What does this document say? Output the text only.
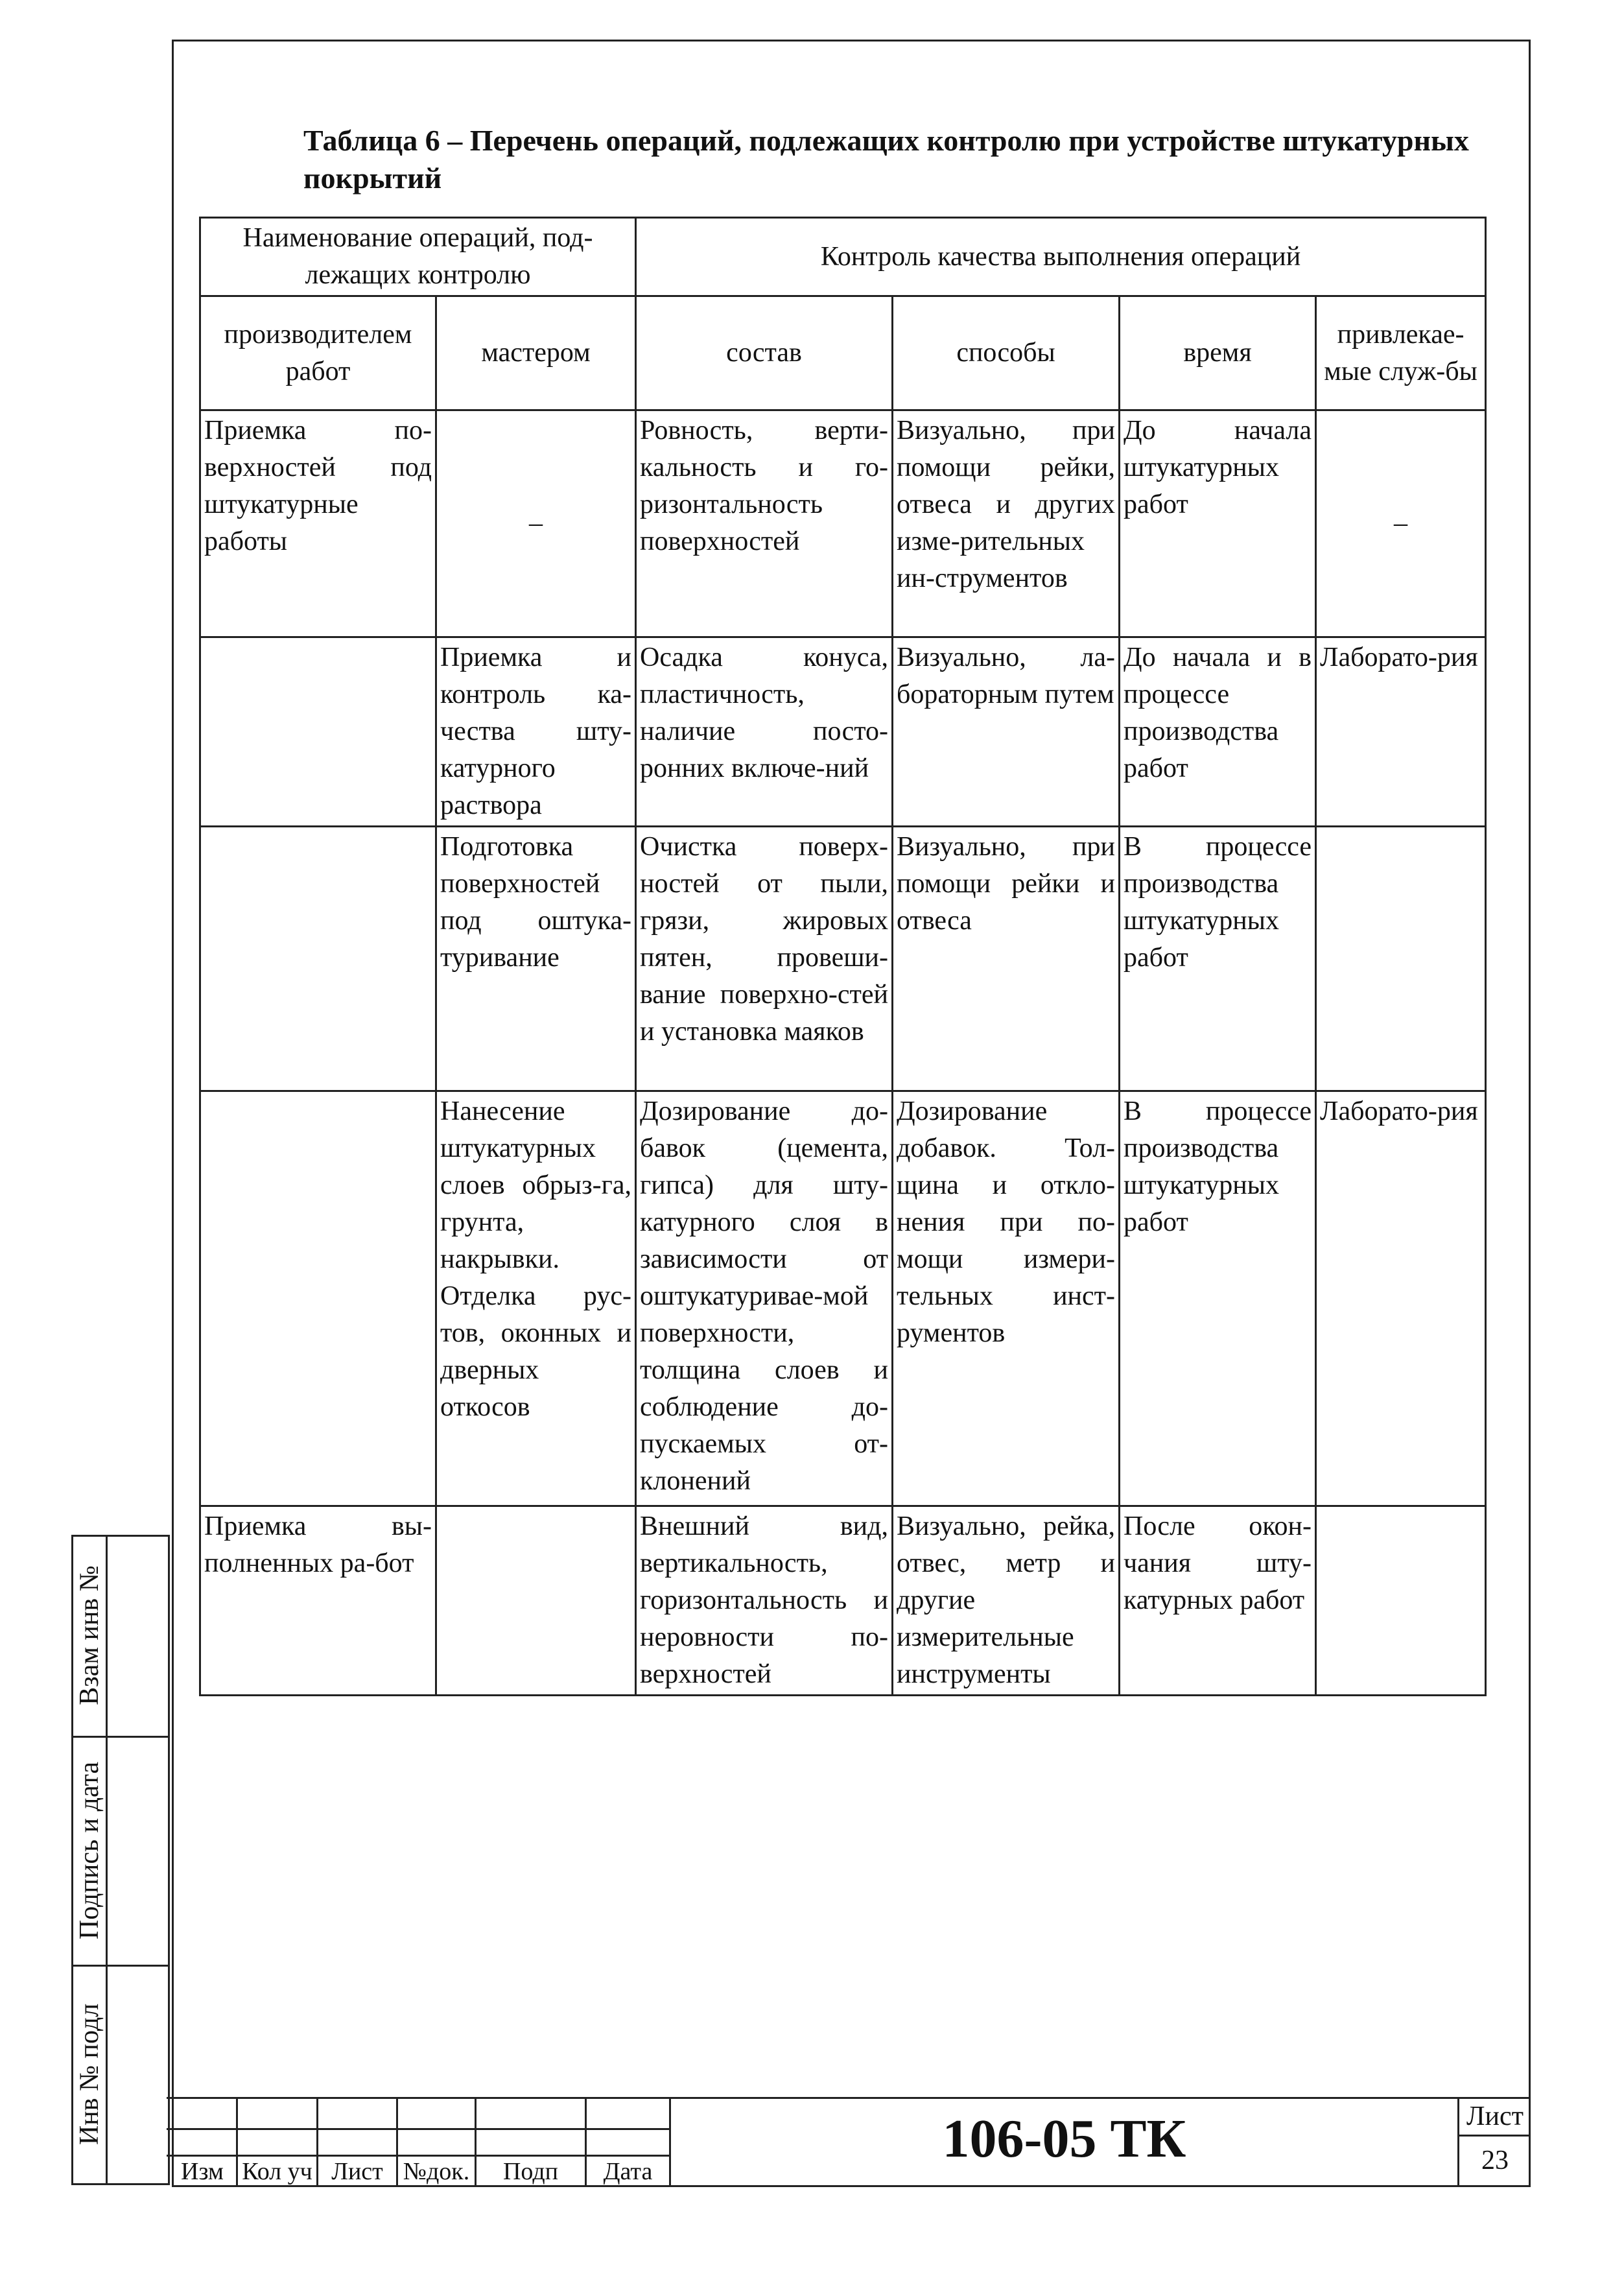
Таблица 6 – Перечень операций, подлежащих контролю при устройстве штукатурных покрытий
Наименование операций, под-лежащих контролю		Контроль качества выполнения операций			
производителем работ	мастером	состав	способы	время	привлекае-мые служ-бы
Приемка по-верхностей под штукатурные работы	–	Ровность, верти-кальность и го-ризонтальность поверхностей	Визуально, при помощи рейки, отвеса и других изме-рительных ин-струментов	До начала штукатурных работ	–
	Приемка и контроль ка-чества шту-катурного раствора	Осадка конуса, пластичность, наличие посто-ронних включе-ний	Визуально, ла-бораторным путем	До начала и в процессе производства работ	Лаборато-рия
	Подготовка поверхностей под оштука-туривание	Очистка поверх-ностей от пыли, грязи, жировых пятен, провеши-вание поверхно-стей и установка маяков	Визуально, при помощи рейки и отвеса	В процессе производства штукатурных работ	
	Нанесение штукатурных слоев обрыз-га, грунта, накрывки. Отделка рус-тов, оконных и дверных откосов	Дозирование до-бавок (цемента, гипса) для шту-катурного слоя в зависимости от оштукатуривае-мой поверхности, толщина слоев и соблюдение до-пускаемых от-клонений	Дозирование добавок. Тол-щина и откло-нения при по-мощи измери-тельных инст-рументов	В процессе производства штукатурных работ	Лаборато-рия
Приемка вы-полненных ра-бот		Внешний вид, вертикальность, горизонтальность и неровности по-верхностей	Визуально, рейка, отвес, метр и другие измерительные инструменты	После окон-чания шту-катурных работ	
Взам инв №
Подпись и дата
Инв № подл
Изм Кол уч Лист №док.	Подп	Дата
106-05 ТК	Лист
23
